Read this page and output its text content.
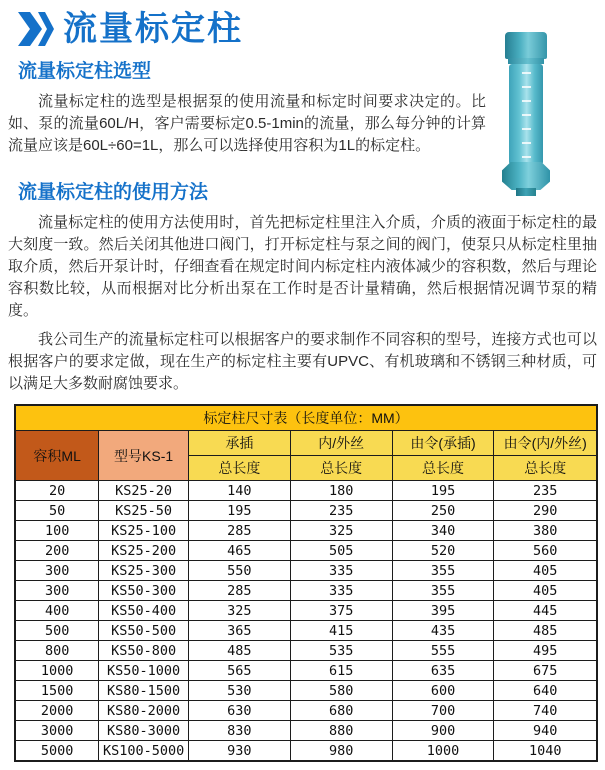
流量标定柱
流量标定柱选型

流量标定柱的选型是根据泵的使用流量和标定时间要求决定的。比如、泵的流量60L/H，客户需要标定0.5-1min的流量，那么每分钟的计算流量应该是60L÷60=1L，那么可以选择使用容积为1L的标定柱。

流量标定柱的使用方法

流量标定柱的使用方法使用时，首先把标定柱里注入介质，介质的液面于标定柱的最大刻度一致。然后关闭其他进口阀门，打开标定柱与泵之间的阀门，使泵只从标定柱里抽取介质，然后开泵计时，仔细查看在规定时间内标定柱内液体减少的容积数，然后与理论容积数比较，从而根据对比分析出泵在工作时是否计量精确，然后根据情况调节泵的精度。

我公司生产的流量标定柱可以根据客户的要求制作不同容积的型号，连接方式也可以根据客户的要求定做，现在生产的标定柱主要有UPVC、有机玻璃和不锈钢三种材质，可以满足大多数耐腐蚀要求。

标定柱尺寸表（长度单位：MM）					
容积ML	型号KS-1	承插	内/外丝	由令(承插)	由令(内/外丝)
		总长度	总长度	总长度	总长度
20	KS25-20	140	180	195	235
50	KS25-50	195	235	250	290
100	KS25-100	285	325	340	380
200	KS25-200	465	505	520	560
300	KS25-300	550	335	355	405
300	KS50-300	285	335	355	405
400	KS50-400	325	375	395	445
500	KS50-500	365	415	435	485
800	KS50-800	485	535	555	495
1000	KS50-1000	565	615	635	675
1500	KS80-1500	530	580	600	640
2000	KS80-2000	630	680	700	740
3000	KS80-3000	830	880	900	940
5000	KS100-5000	930	980	1000	1040
